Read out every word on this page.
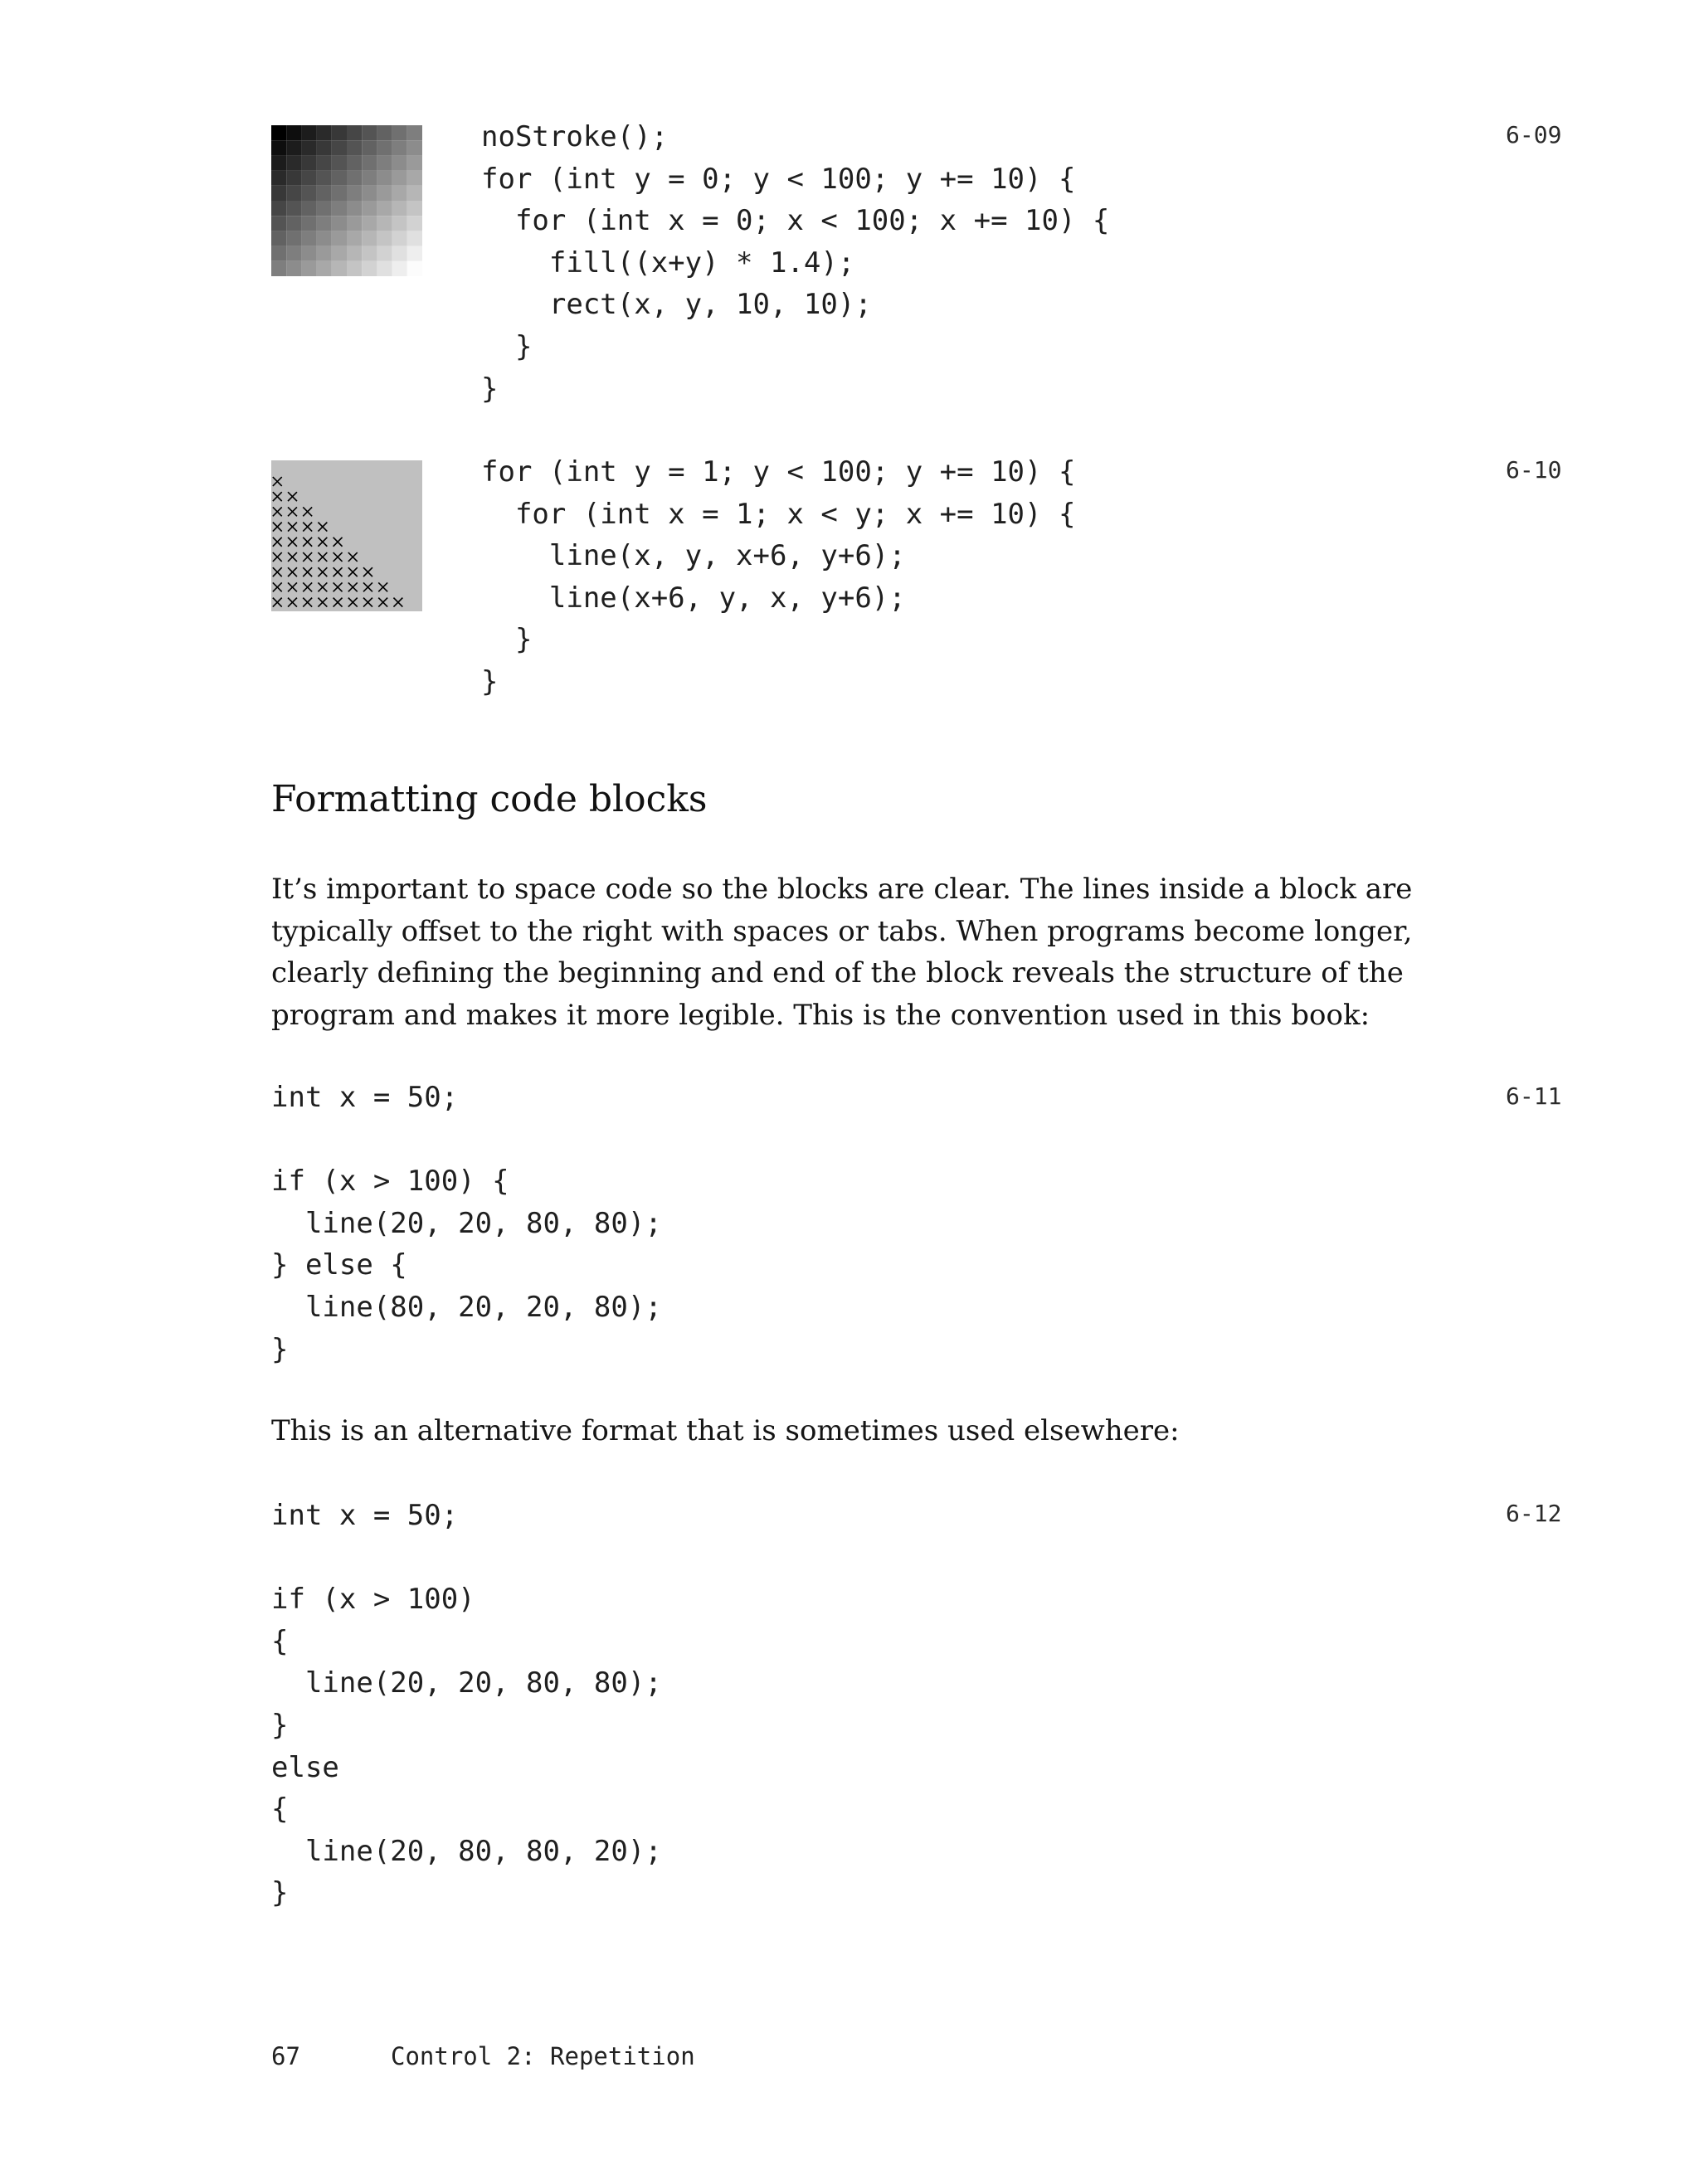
noStroke();
for (int y = 0; y < 100; y += 10) {
for (int x = 0; x < 100; x += 10) {
fill((x+y) * 1.4);
rect(x, y, 10, 10);
}
}
6-09
for (int y = 1; y < 100; y += 10) {
for (int x = 1; x < y; x += 10) {
line(x, y, x+6, y+6);
line(x+6, y, x, y+6);
}
}
6-10
Formatting code blocks

It’s important to space code so the blocks are clear. The lines inside a block are typically offset to the right with spaces or tabs. When programs become longer, clearly defining the beginning and end of the block reveals the structure of the program and makes it more legible. This is the convention used in this book:

int x = 50;
if (x > 100) {
line(20, 20, 80, 80);
} else {
line(80, 20, 20, 80);
}
6-11

This is an alternative format that is sometimes used elsewhere:

int x = 50;
if (x > 100)
{
line(20, 20, 80, 80);
}
else
{
line(20, 80, 80, 20);
}
6-12
67	Control 2: Repetition
